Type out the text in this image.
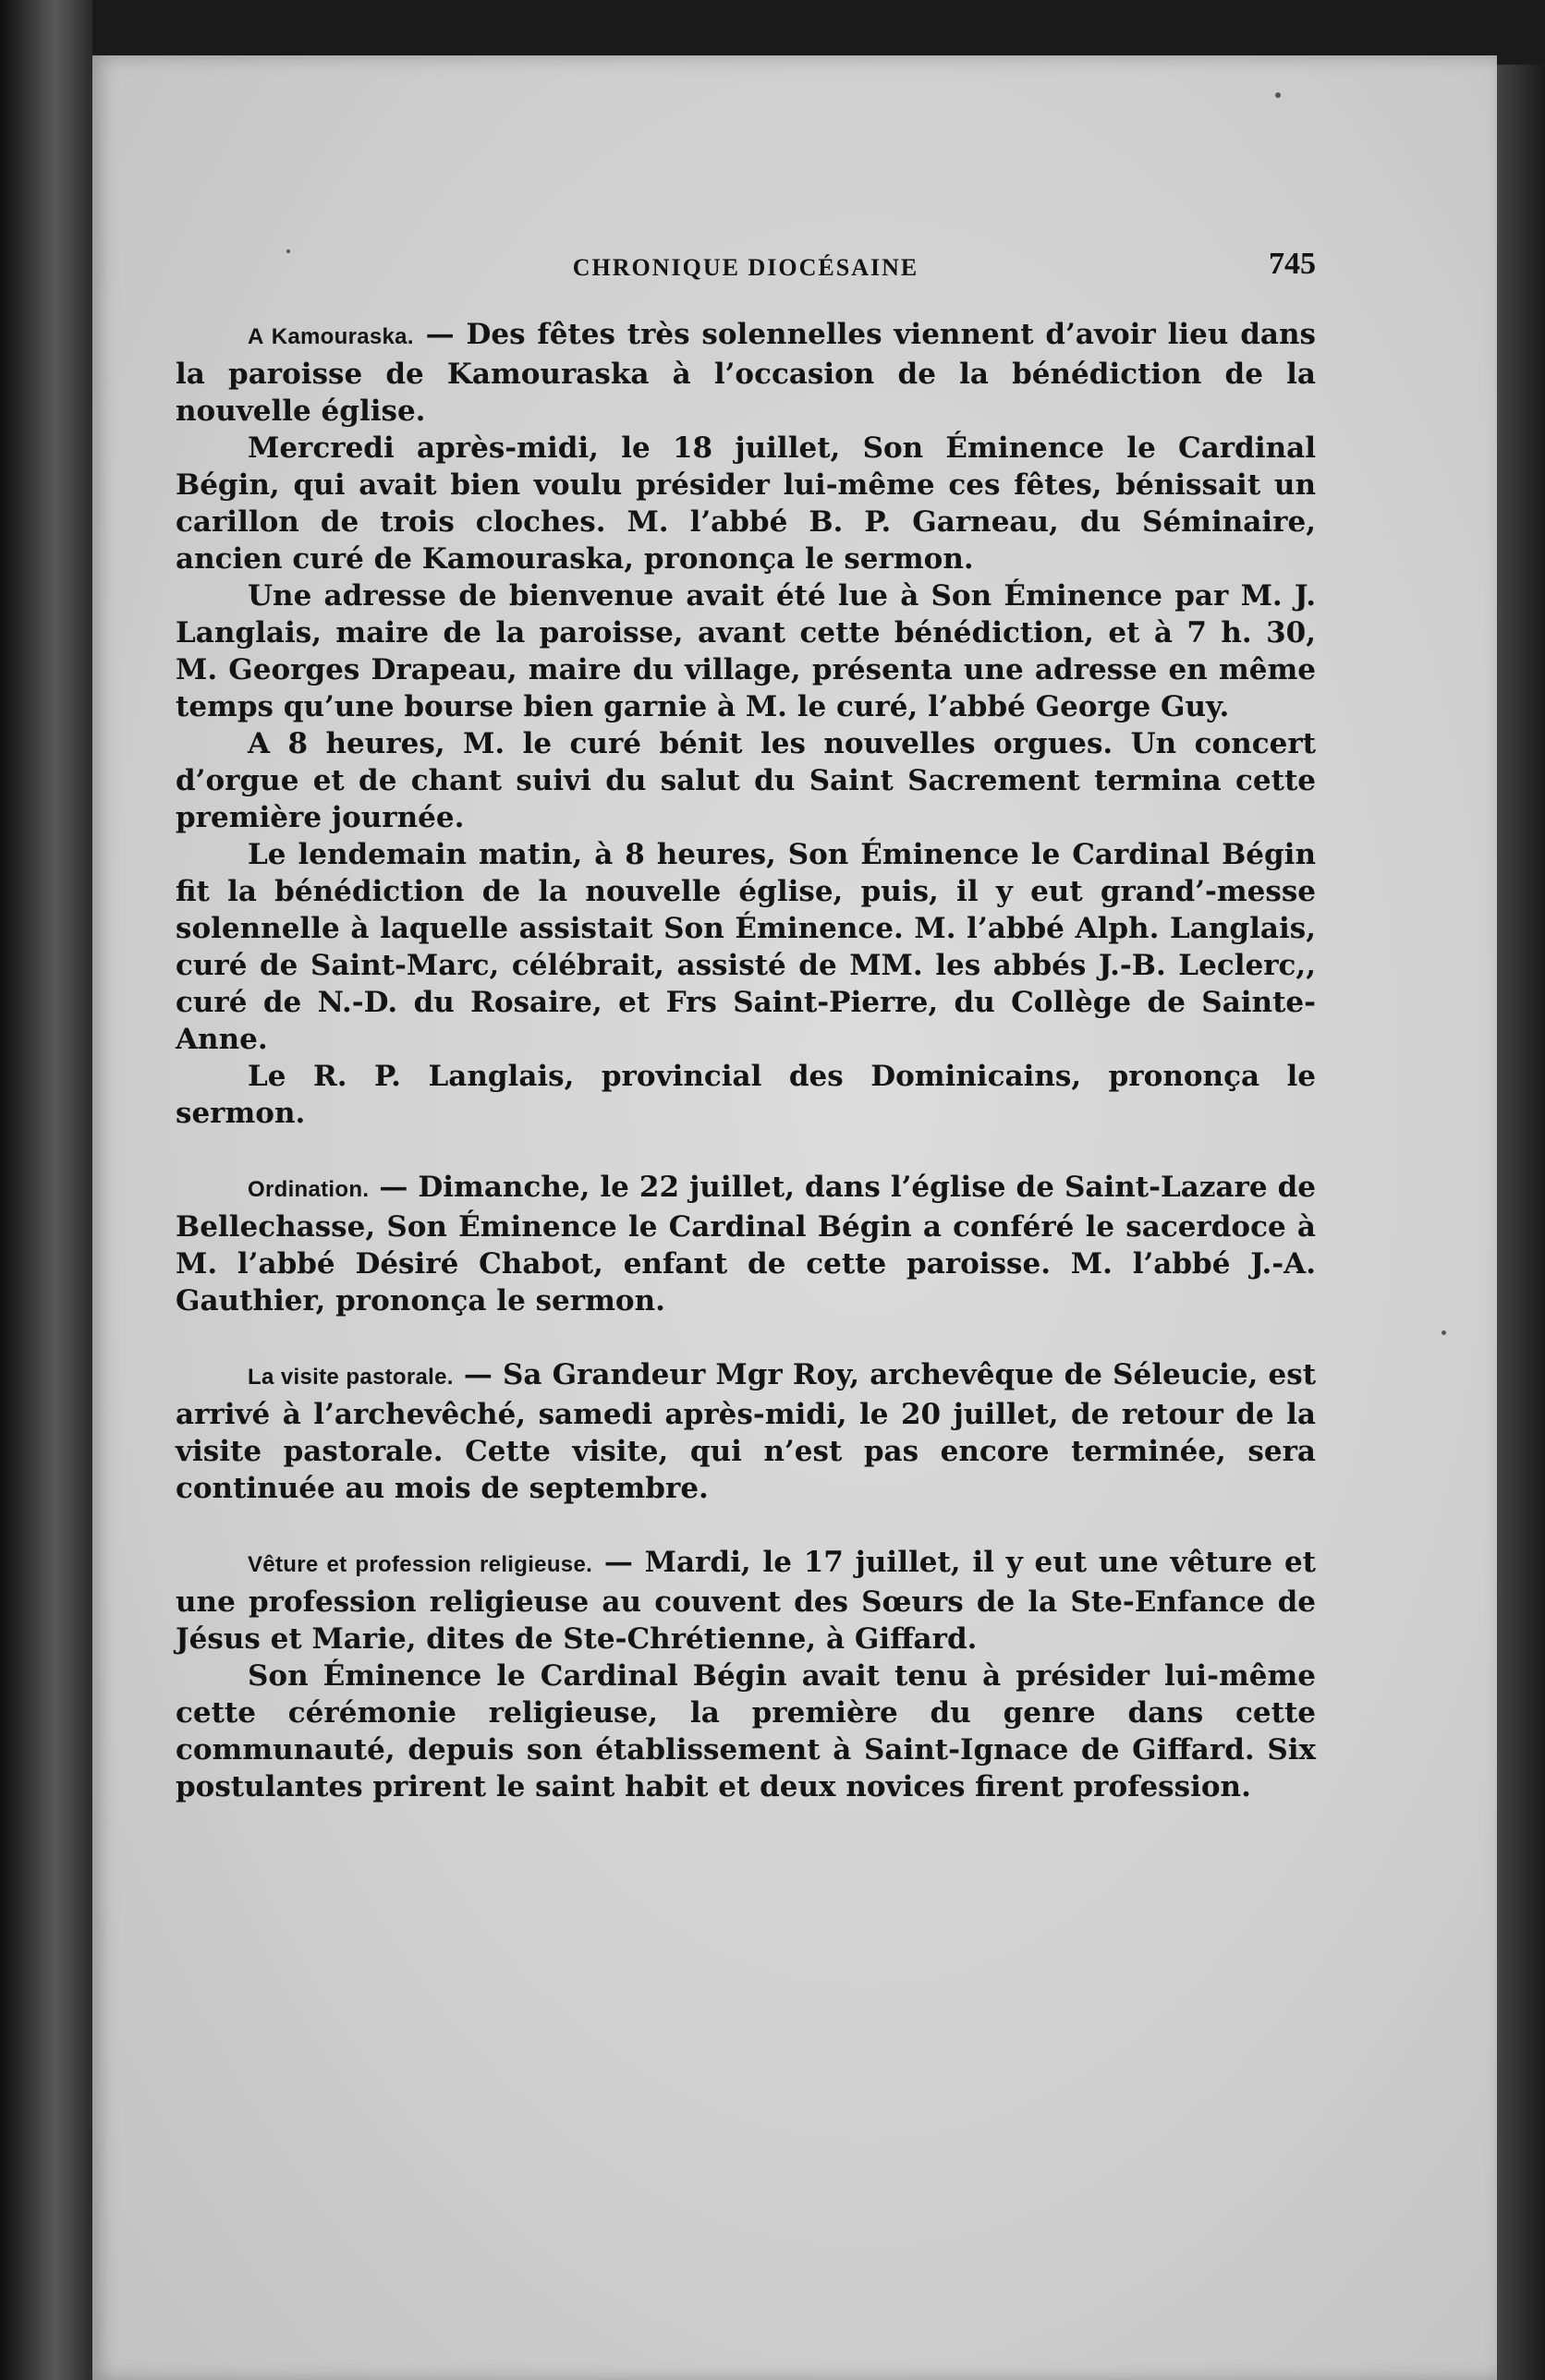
CHRONIQUE DIOCÉSAINE	745

A Kamouraska. — Des fêtes très solennelles viennent d’avoir lieu dans la paroisse de Kamouraska à l’occasion de la bénédiction de la nouvelle église.

Mercredi après-midi, le 18 juillet, Son Éminence le Cardinal Bégin, qui avait bien voulu présider lui-même ces fêtes, bénissait un carillon de trois cloches. M. l’abbé B. P. Garneau, du Séminaire, ancien curé de Kamouraska, prononça le sermon.

Une adresse de bienvenue avait été lue à Son Éminence par M. J. Langlais, maire de la paroisse, avant cette bénédiction, et à 7 h. 30, M. Georges Drapeau, maire du village, présenta une adresse en même temps qu’une bourse bien garnie à M. le curé, l’abbé George Guy.

A 8 heures, M. le curé bénit les nouvelles orgues. Un concert d’orgue et de chant suivi du salut du Saint Sacrement termina cette première journée.

Le lendemain matin, à 8 heures, Son Éminence le Cardinal Bégin fit la bénédiction de la nouvelle église, puis, il y eut grand’-messe solennelle à laquelle assistait Son Éminence. M. l’abbé Alph. Langlais, curé de Saint-Marc, célébrait, assisté de MM. les abbés J.-B. Leclerc,, curé de N.-D. du Rosaire, et Frs Saint-Pierre, du Collège de Sainte-Anne.

Le R. P. Langlais, provincial des Dominicains, prononça le sermon.

Ordination. — Dimanche, le 22 juillet, dans l’église de Saint-Lazare de Bellechasse, Son Éminence le Cardinal Bégin a conféré le sacerdoce à M. l’abbé Désiré Chabot, enfant de cette paroisse. M. l’abbé J.-A. Gauthier, prononça le sermon.

La visite pastorale. — Sa Grandeur Mgr Roy, archevêque de Séleucie, est arrivé à l’archevêché, samedi après-midi, le 20 juillet, de retour de la visite pastorale. Cette visite, qui n’est pas encore terminée, sera continuée au mois de septembre.

Vêture et profession religieuse. — Mardi, le 17 juillet, il y eut une vêture et une profession religieuse au couvent des Sœurs de la Ste-Enfance de Jésus et Marie, dites de Ste-Chrétienne, à Giffard.

Son Éminence le Cardinal Bégin avait tenu à présider lui-même cette cérémonie religieuse, la première du genre dans cette communauté, depuis son établissement à Saint-Ignace de Giffard. Six postulantes prirent le saint habit et deux novices firent profession.
